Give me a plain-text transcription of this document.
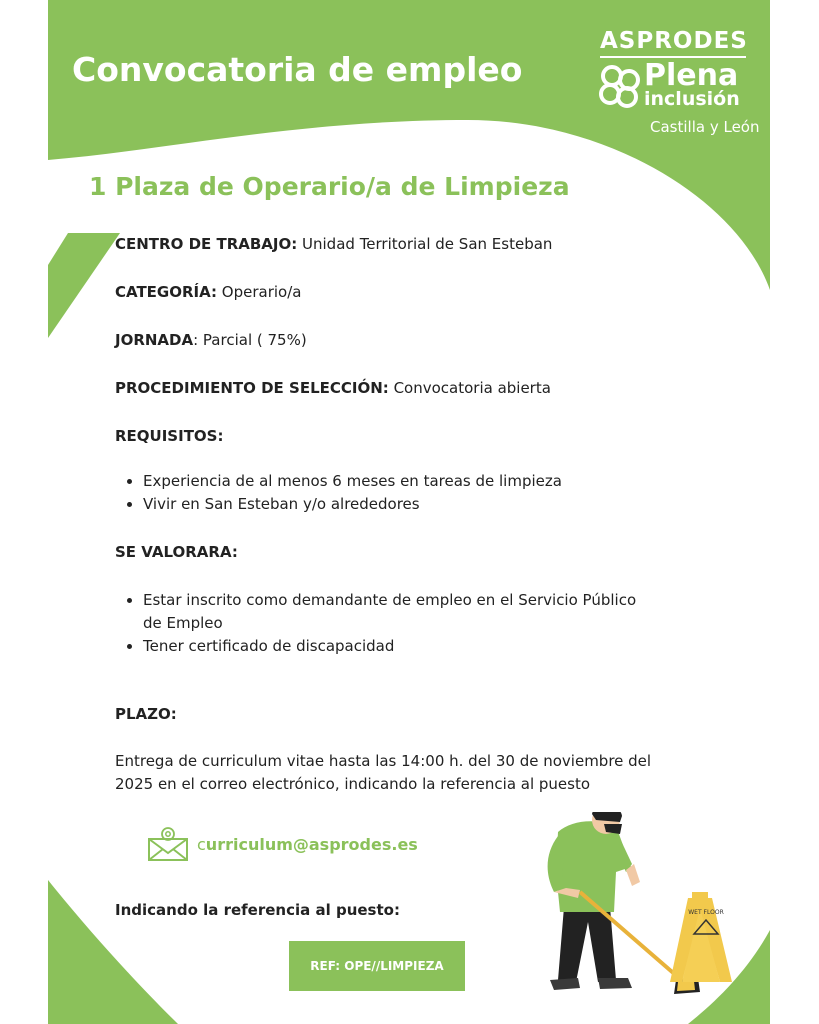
Convocatoria de empleo
ASPRODES
Plena
inclusión
Castilla y León
1 Plaza de Operario/a de Limpieza
CENTRO DE TRABAJO: Unidad Territorial de San Esteban
CATEGORÍA: Operario/a
JORNADA: Parcial ( 75%)
PROCEDIMIENTO DE SELECCIÓN: Convocatoria abierta
REQUISITOS:
• Experiencia de al menos 6 meses en tareas de limpieza
• Vivir en San Esteban y/o alrededores
SE VALORARA:
• Estar inscrito como demandante de empleo en el Servicio Público
de Empleo
• Tener certificado de discapacidad
PLAZO:
Entrega de curriculum vitae hasta las 14:00 h. del 30 de noviembre del
2025 en el correo electrónico, indicando la referencia al puesto
curriculum@asprodes.es
Indicando la referencia al puesto:
REF: OPE//LIMPIEZA
WET FLOOR
